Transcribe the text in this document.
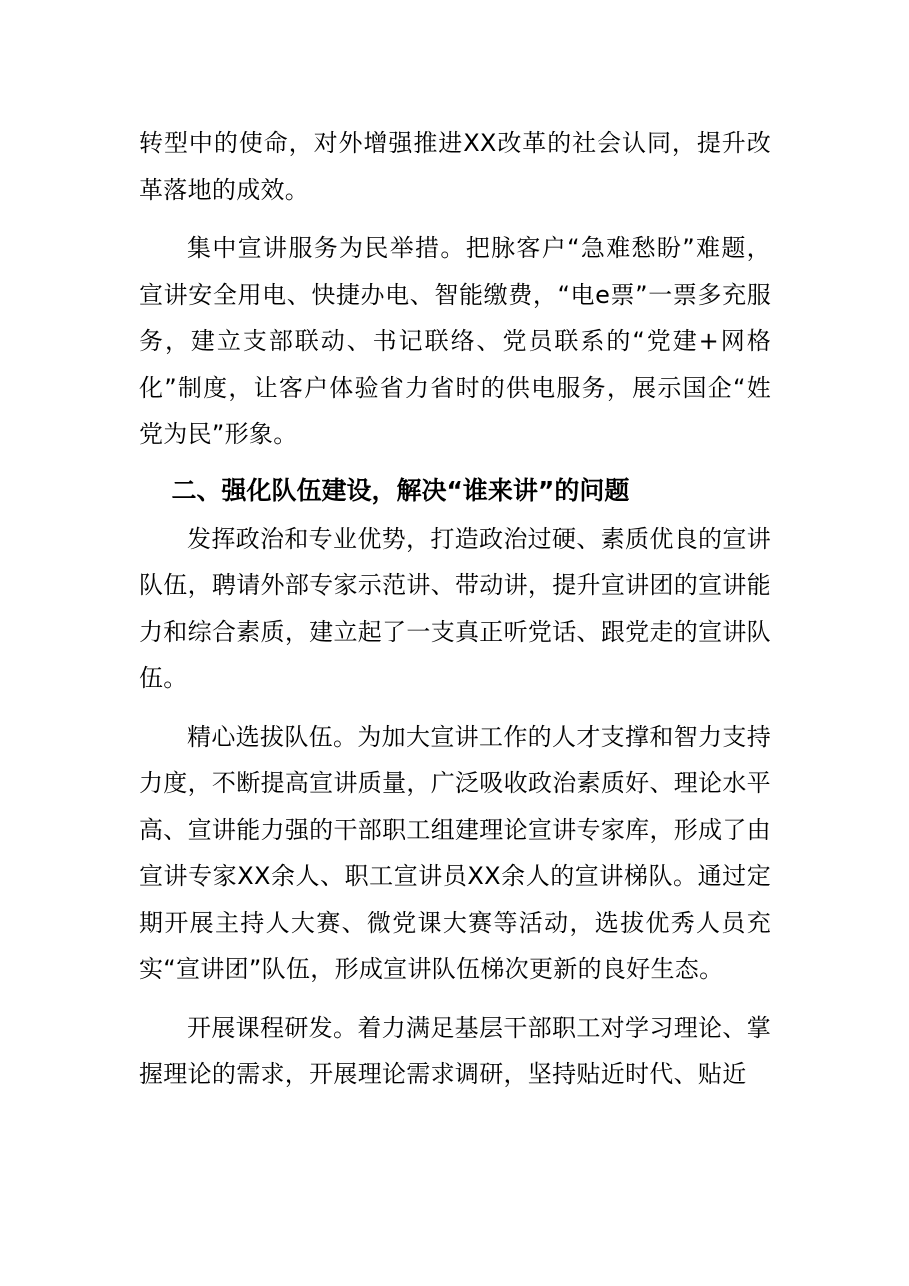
转型中的使命，对外增强推进XX改革的社会认同，提升改革落地的成效。

集中宣讲服务为民举措。把脉客户“急难愁盼”难题，宣讲安全用电、快捷办电、智能缴费，“电e票”一票多充服务，建立支部联动、书记联络、党员联系的“党建+网格化”制度，让客户体验省力省时的供电服务，展示国企“姓党为民”形象。

二、强化队伍建设，解决“谁来讲”的问题

发挥政治和专业优势，打造政治过硬、素质优良的宣讲队伍，聘请外部专家示范讲、带动讲，提升宣讲团的宣讲能力和综合素质，建立起了一支真正听党话、跟党走的宣讲队伍。

精心选拔队伍。为加大宣讲工作的人才支撑和智力支持力度，不断提高宣讲质量，广泛吸收政治素质好、理论水平高、宣讲能力强的干部职工组建理论宣讲专家库，形成了由宣讲专家XX余人、职工宣讲员XX余人的宣讲梯队。通过定期开展主持人大赛、微党课大赛等活动，选拔优秀人员充实“宣讲团”队伍，形成宣讲队伍梯次更新的良好生态。

开展课程研发。着力满足基层干部职工对学习理论、掌握理论的需求，开展理论需求调研，坚持贴近时代、贴近
